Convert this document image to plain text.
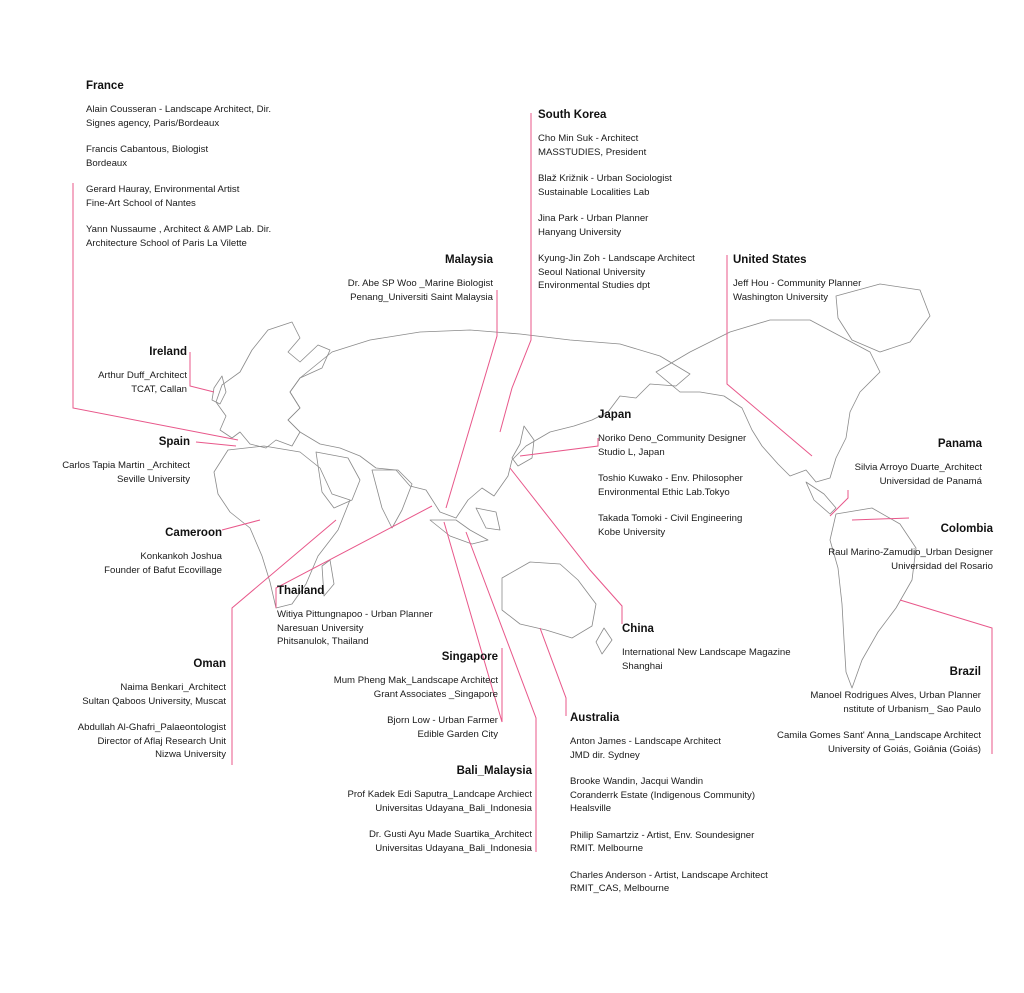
France
Alain Cousseran - Landscape Architect, Dir.
Signes agency, Paris/Bordeaux
Francis Cabantous, Biologist
Bordeaux
Gerard Hauray, Environmental Artist
Fine-Art School of Nantes
Yann Nussaume , Architect & AMP Lab. Dir.
Architecture School of Paris La Vilette
Ireland
Arthur Duff_Architect
TCAT, Callan
Spain
Carlos Tapia Martin _Architect
Seville University
Cameroon
Konkankoh Joshua
Founder of Bafut Ecovillage
Oman
Naima Benkari_Architect
Sultan Qaboos University, Muscat
Abdullah Al-Ghafri_Palaeontologist
Director of Aflaj Research Unit
Nizwa University
Malaysia
Dr. Abe SP Woo _Marine Biologist
Penang_Universiti Saint Malaysia
Thailand
Witiya Pittungnapoo - Urban Planner
Naresuan University
Phitsanulok, Thailand
Singapore
Mum Pheng Mak_Landscape Architect
Grant Associates _Singapore
Bjorn Low - Urban Farmer
Edible Garden City
Bali_Malaysia
Prof Kadek Edi Saputra_Landcape Archiect
Universitas Udayana_Bali_Indonesia
Dr. Gusti Ayu Made Suartika_Architect
Universitas Udayana_Bali_Indonesia
South Korea
Cho Min Suk - Architect
MASSTUDIES, President
Blaž Križnik - Urban Sociologist
Sustainable Localities Lab
Jina Park - Urban Planner
Hanyang University
Kyung-Jin Zoh - Landscape Architect
Seoul National University
Environmental Studies dpt
Japan
Noriko Deno_Community Designer
Studio L, Japan
Toshio Kuwako - Env. Philosopher
Environmental Ethic Lab.Tokyo
Takada Tomoki - Civil Engineering
Kobe University
China
International New Landscape Magazine
Shanghai
Australia
Anton James - Landscape Architect
JMD dir. Sydney
Brooke Wandin, Jacqui Wandin
Coranderrk Estate (Indigenous Community)
Healsville
Philip Samartziz - Artist, Env. Soundesigner
RMIT. Melbourne
Charles Anderson - Artist, Landscape Architect
RMIT_CAS, Melbourne
United States
Jeff Hou - Community Planner
Washington University
Panama
Silvia Arroyo Duarte_Architect
Universidad de Panamá
Colombia
Raul Marino-Zamudio_Urban Designer
Universidad del Rosario
Brazil
Manoel Rodrigues Alves, Urban Planner
nstitute of Urbanism_ Sao Paulo
Camila Gomes Sant' Anna_Landscape Architect
University of Goiás, Goiânia (Goiás)
